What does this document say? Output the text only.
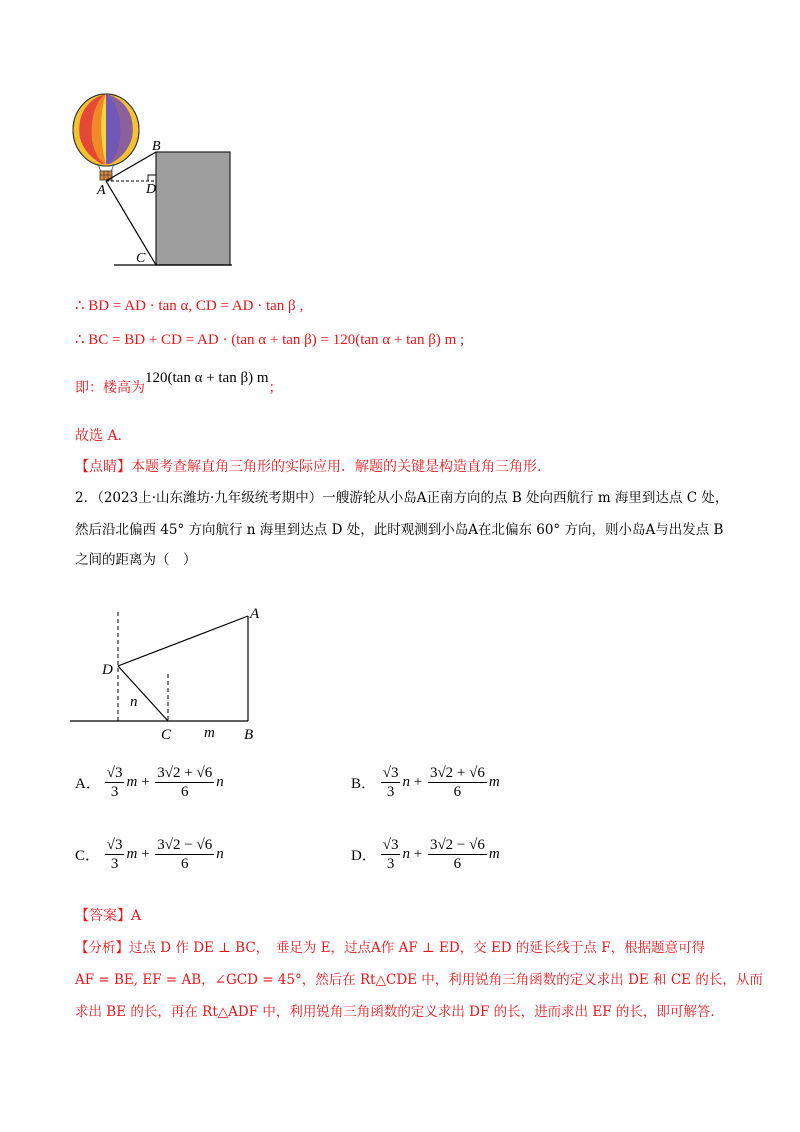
B
A	D
C
∴ BD = AD · tan α, CD = AD · tan β ,
∴ BC = BD + CD = AD · (tan α + tan β) = 120(tan α + tan β) m ;
即：楼高为120(tan α + tan β) m；
故选 A.
【点睛】本题考查解直角三角形的实际应用．解题的关键是构造直角三角形．
2．（2023上·山东潍坊·九年级统考期中）一艘游轮从小岛A正南方向的点 B 处向西航行 m 海里到达点 C 处，
然后沿北偏西 45° 方向航行 n 海里到达点 D 处，此时观测到小岛A在北偏东 60° 方向，则小岛A与出发点 B
之间的距离为（　）
A
D
n
C m B
A． $\frac{√3}{3}$ $m + \frac{3√2 + √6}{6}$ n	B． $\frac{√3}{3}$ $n + \frac{3√2 + √6}{6}$ m
C． $\frac{√3}{3}$ $m + \frac{3√2 - √6}{6}$ n	D． $\frac{√3}{3}$ $n + \frac{3√2 - √6}{6}$ m
【答案】A
【分析】过点 D 作 DE ⊥ BC，　垂足为 E，过点A作 AF ⊥ ED，交 ED 的延长线于点 F，根据题意可得
AF = BE, EF = AB，∠GCD = 45°，然后在 Rt△CDE 中，利用锐角三角函数的定义求出 DE 和 CE 的长，从而
求出 BE 的长，再在 Rt△ADF 中，利用锐角三角函数的定义求出 DF 的长，进而求出 EF 的长，即可解答.
